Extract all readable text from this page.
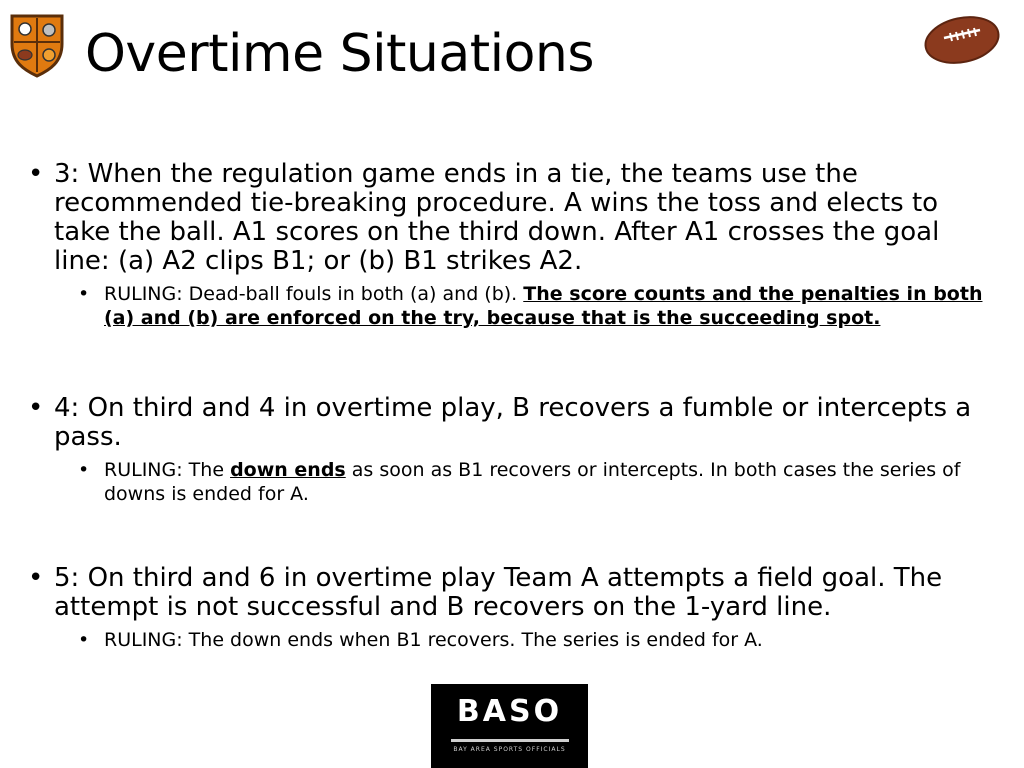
Overtime Situations
• 3: When the regulation game ends in a tie, the teams use the recommended tie-breaking procedure. A wins the toss and elects to take the ball. A1 scores on the third down. After A1 crosses the goal line: (a) A2 clips B1; or (b) B1 strikes A2.
• RULING: Dead-ball fouls in both (a) and (b). The score counts and the penalties in both (a) and (b) are enforced on the try, because that is the succeeding spot.
• 4: On third and 4 in overtime play, B recovers a fumble or intercepts a pass.
• RULING: The down ends as soon as B1 recovers or intercepts. In both cases the series of downs is ended for A.
• 5: On third and 6 in overtime play Team A attempts a field goal. The attempt is not successful and B recovers on the 1-yard line.
• RULING: The down ends when B1 recovers. The series is ended for A.
BASO
BAY AREA SPORTS OFFICIALS
